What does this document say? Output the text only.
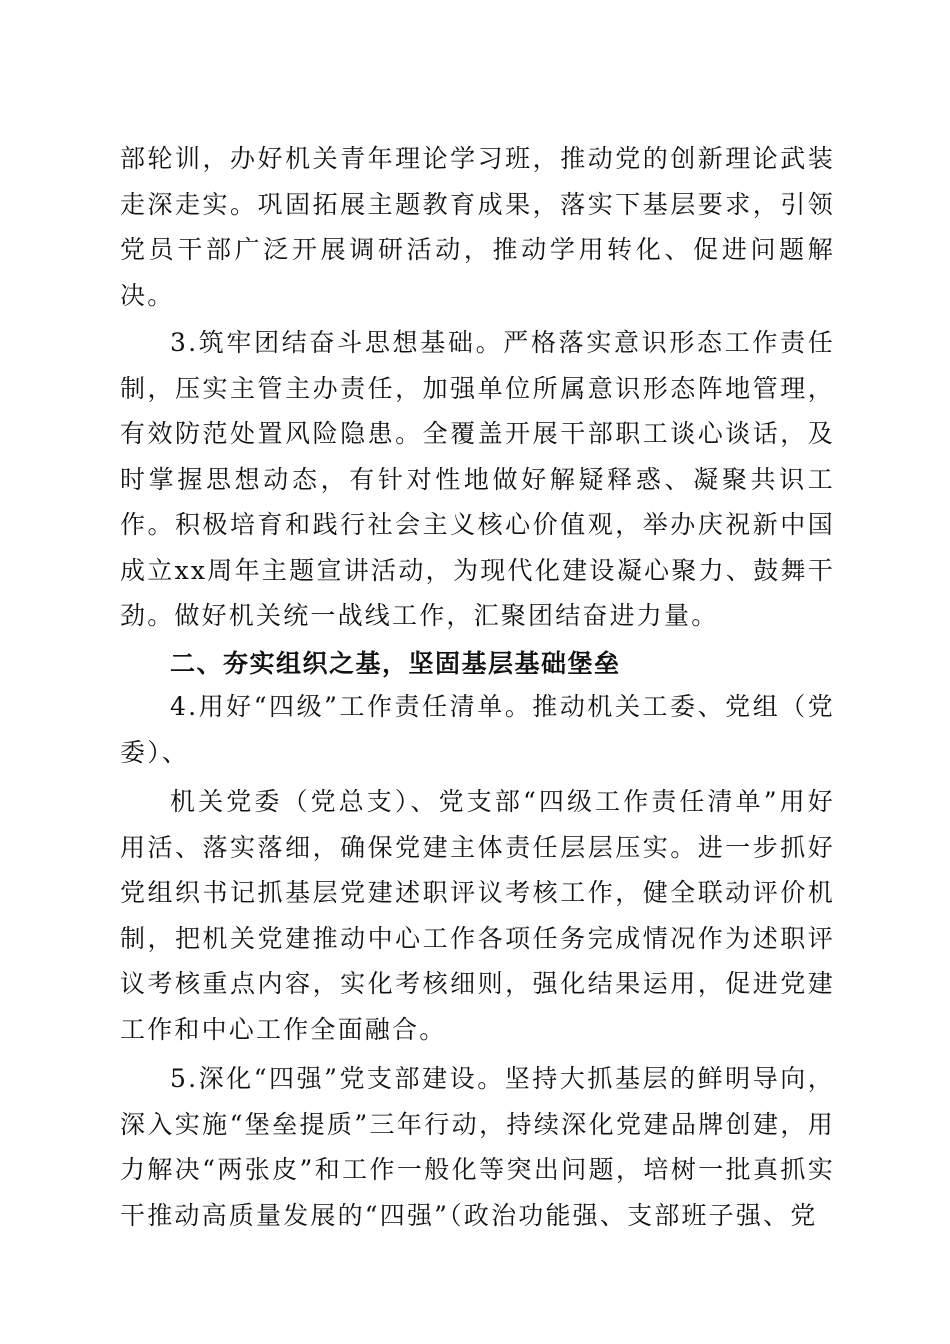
部轮训，办好机关青年理论学习班，推动党的创新理论武装走深走实。巩固拓展主题教育成果，落实下基层要求，引领党员干部广泛开展调研活动，推动学用转化、促进问题解决。

3.筑牢团结奋斗思想基础。严格落实意识形态工作责任制，压实主管主办责任，加强单位所属意识形态阵地管理，有效防范处置风险隐患。全覆盖开展干部职工谈心谈话，及时掌握思想动态，有针对性地做好解疑释惑、凝聚共识工作。积极培育和践行社会主义核心价值观，举办庆祝新中国成立xx周年主题宣讲活动，为现代化建设凝心聚力、鼓舞干劲。做好机关统一战线工作，汇聚团结奋进力量。

二、夯实组织之基，坚固基层基础堡垒

4.用好“四级”工作责任清单。推动机关工委、党组（党委）、

机关党委（党总支）、党支部“四级工作责任清单”用好用活、落实落细，确保党建主体责任层层压实。进一步抓好党组织书记抓基层党建述职评议考核工作，健全联动评价机制，把机关党建推动中心工作各项任务完成情况作为述职评议考核重点内容，实化考核细则，强化结果运用，促进党建工作和中心工作全面融合。

5.深化“四强”党支部建设。坚持大抓基层的鲜明导向，深入实施“堡垒提质”三年行动，持续深化党建品牌创建，用力解决“两张皮”和工作一般化等突出问题，培树一批真抓实干推动高质量发展的“四强”（政治功能强、支部班子强、党
